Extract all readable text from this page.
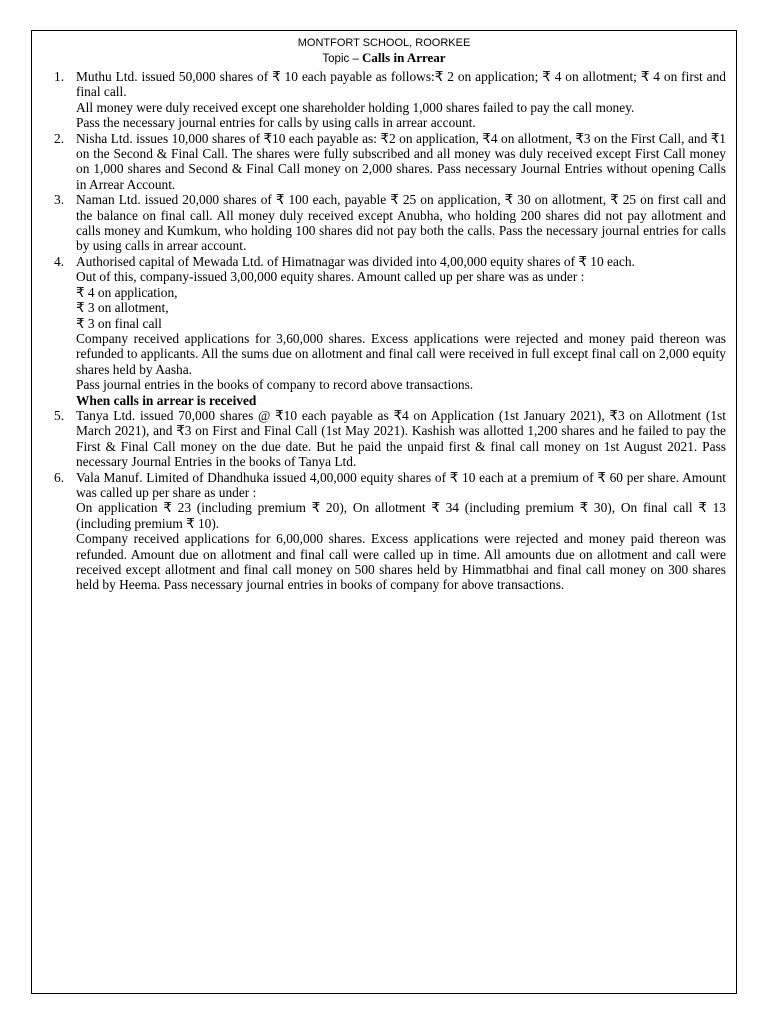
MONTFORT SCHOOL, ROORKEE
Topic – Calls in Arrear
1. Muthu Ltd. issued 50,000 shares of ₹ 10 each payable as follows:₹ 2 on application; ₹ 4 on allotment; ₹ 4 on first and final call.

All money were duly received except one shareholder holding 1,000 shares failed to pay the call money.

Pass the necessary journal entries for calls by using calls in arrear account.

2. Nisha Ltd. issues 10,000 shares of ₹10 each payable as: ₹2 on application, ₹4 on allotment, ₹3 on the First Call, and ₹1 on the Second & Final Call. The shares were fully subscribed and all money was duly received except First Call money on 1,000 shares and Second & Final Call money on 2,000 shares. Pass necessary Journal Entries without opening Calls in Arrear Account.

3. Naman Ltd. issued 20,000 shares of ₹ 100 each, payable ₹ 25 on application, ₹ 30 on allotment, ₹ 25 on first call and the balance on final call. All money duly received except Anubha, who holding 200 shares did not pay allotment and calls money and Kumkum, who holding 100 shares did not pay both the calls. Pass the necessary journal entries for calls by using calls in arrear account.

4. Authorised capital of Mewada Ltd. of Himatnagar was divided into 4,00,000 equity shares of ₹ 10 each.

Out of this, company-issued 3,00,000 equity shares. Amount called up per share was as under :

₹ 4 on application,

₹ 3 on allotment,

₹ 3 on final call

Company received applications for 3,60,000 shares. Excess applications were rejected and money paid thereon was refunded to applicants. All the sums due on allotment and final call were received in full except final call on 2,000 equity shares held by Aasha.

Pass journal entries in the books of company to record above transactions.

When calls in arrear is received
5. Tanya Ltd. issued 70,000 shares @ ₹10 each payable as ₹4 on Application (1st January 2021), ₹3 on Allotment (1st March 2021), and ₹3 on First and Final Call (1st May 2021). Kashish was allotted 1,200 shares and he failed to pay the First & Final Call money on the due date. But he paid the unpaid first & final call money on 1st August 2021. Pass necessary Journal Entries in the books of Tanya Ltd.

6. Vala Manuf. Limited of Dhandhuka issued 4,00,000 equity shares of ₹ 10 each at a premium of ₹ 60 per share. Amount was called up per share as under :

On application ₹ 23 (including premium ₹ 20), On allotment ₹ 34 (including premium ₹ 30), On final call ₹ 13 (including premium ₹ 10).

Company received applications for 6,00,000 shares. Excess applications were rejected and money paid thereon was refunded. Amount due on allotment and final call were called up in time. All amounts due on allotment and call were received except allotment and final call money on 500 shares held by Himmatbhai and final call money on 300 shares held by Heema. Pass necessary journal entries in books of company for above transactions.
